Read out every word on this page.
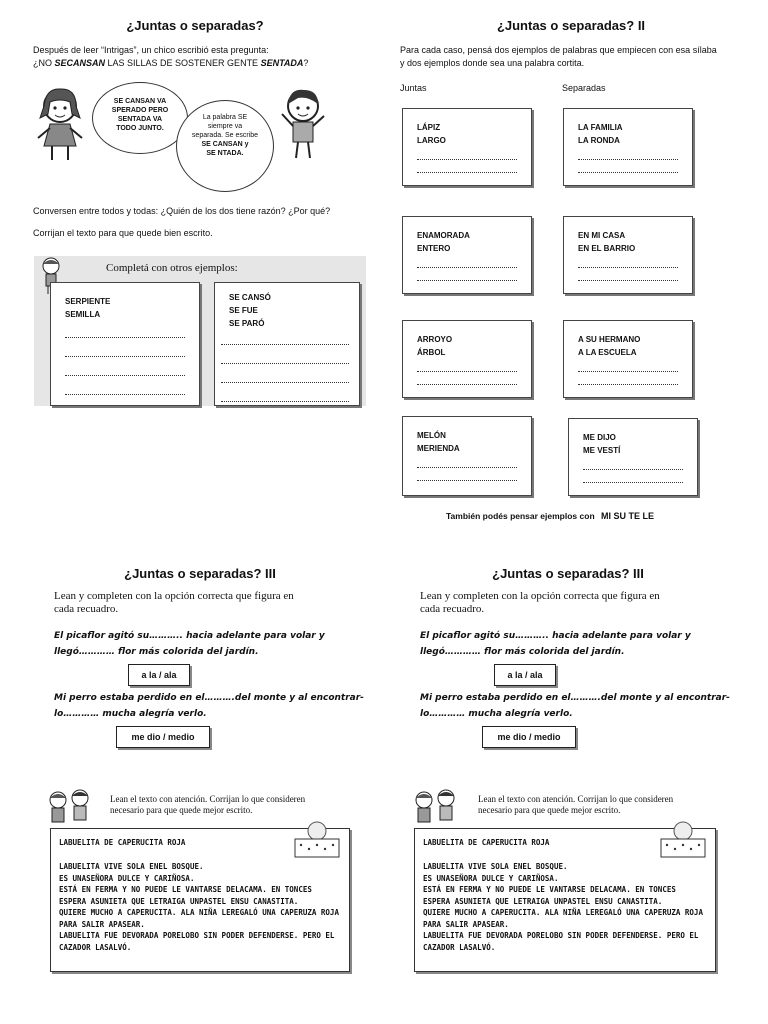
¿Juntas o separadas?
Después de leer “Intrigas”, un chico escribió esta pregunta:
¿NO SECANSAN LAS SILLAS DE SOSTENER GENTE SENTADA?
SE CANSAN VA
SPERADO PERO
SENTADA VA
TODO JUNTO.
La palabra SE
siempre va
separada. Se escribe
SE CANSAN y
SE NTADA.
Conversen entre todos y todas: ¿Quién de los dos tiene razón? ¿Por qué?
Corrijan el texto para que quede bien escrito.
Completá con otros ejemplos:
SERPIENTE
SEMILLA
SE CANSÓ
SE FUE
SE PARÓ
¿Juntas o separadas? II
Para cada caso, pensá dos ejemplos de palabras que empiecen con esa sílaba
y dos ejemplos donde sea una palabra cortita.
Juntas	Separadas
LÁPIZ
LARGO
ENAMORADA
ENTERO
ARROYO
ÁRBOL
MELÓN
MERIENDA
LA FAMILIA
LA RONDA
EN MI CASA
EN EL BARRIO
A SU HERMANO
A LA ESCUELA
ME DIJO
ME VESTÍ
También podés pensar ejemplos con MI SU TE LE
¿Juntas o separadas? III
Lean y completen con la opción correcta que figura en
cada recuadro.
El picaflor agitó su……….. hacia adelante para volar y
llegó………… flor más colorida del jardín.
a la / ala
Mi perro estaba perdido en el……….del monte y al encontrar-
lo………… mucha alegría verlo.
me dio / medio
Lean el texto con atención. Corrijan lo que consideren
necesario para que quede mejor escrito.
LABUELITA DE CAPERUCITA ROJA
LABUELITA VIVE SOLA ENEL BOSQUE.
ES UNASEÑORA DULCE Y CARIÑOSA.
ESTÁ EN FERMA Y NO PUEDE LE VANTARSE DELACAMA. EN TONCES
ESPERA ASUNIETA QUE LETRAIGA UNPASTEL ENSU CANASTITA.
QUIERE MUCHO A CAPERUCITA. ALA NIÑA LEREGALÓ UNA CAPERUZA ROJA
PARA SALIR APASEAR.
LABUELITA FUE DEVORADA PORELOBO SIN PODER DEFENDERSE. PERO EL
CAZADOR LASALVÓ.
¿Juntas o separadas? III
Lean y completen con la opción correcta que figura en
cada recuadro.
El picaflor agitó su……….. hacia adelante para volar y
llegó………… flor más colorida del jardín.
a la / ala
Mi perro estaba perdido en el……….del monte y al encontrar-
lo………… mucha alegría verlo.
me dio / medio
Lean el texto con atención. Corrijan lo que consideren
necesario para que quede mejor escrito.
LABUELITA DE CAPERUCITA ROJA
LABUELITA VIVE SOLA ENEL BOSQUE.
ES UNASEÑORA DULCE Y CARIÑOSA.
ESTÁ EN FERMA Y NO PUEDE LE VANTARSE DELACAMA. EN TONCES
ESPERA ASUNIETA QUE LETRAIGA UNPASTEL ENSU CANASTITA.
QUIERE MUCHO A CAPERUCITA. ALA NIÑA LEREGALÓ UNA CAPERUZA ROJA
PARA SALIR APASEAR.
LABUELITA FUE DEVORADA PORELOBO SIN PODER DEFENDERSE. PERO EL
CAZADOR LASALVÓ.
